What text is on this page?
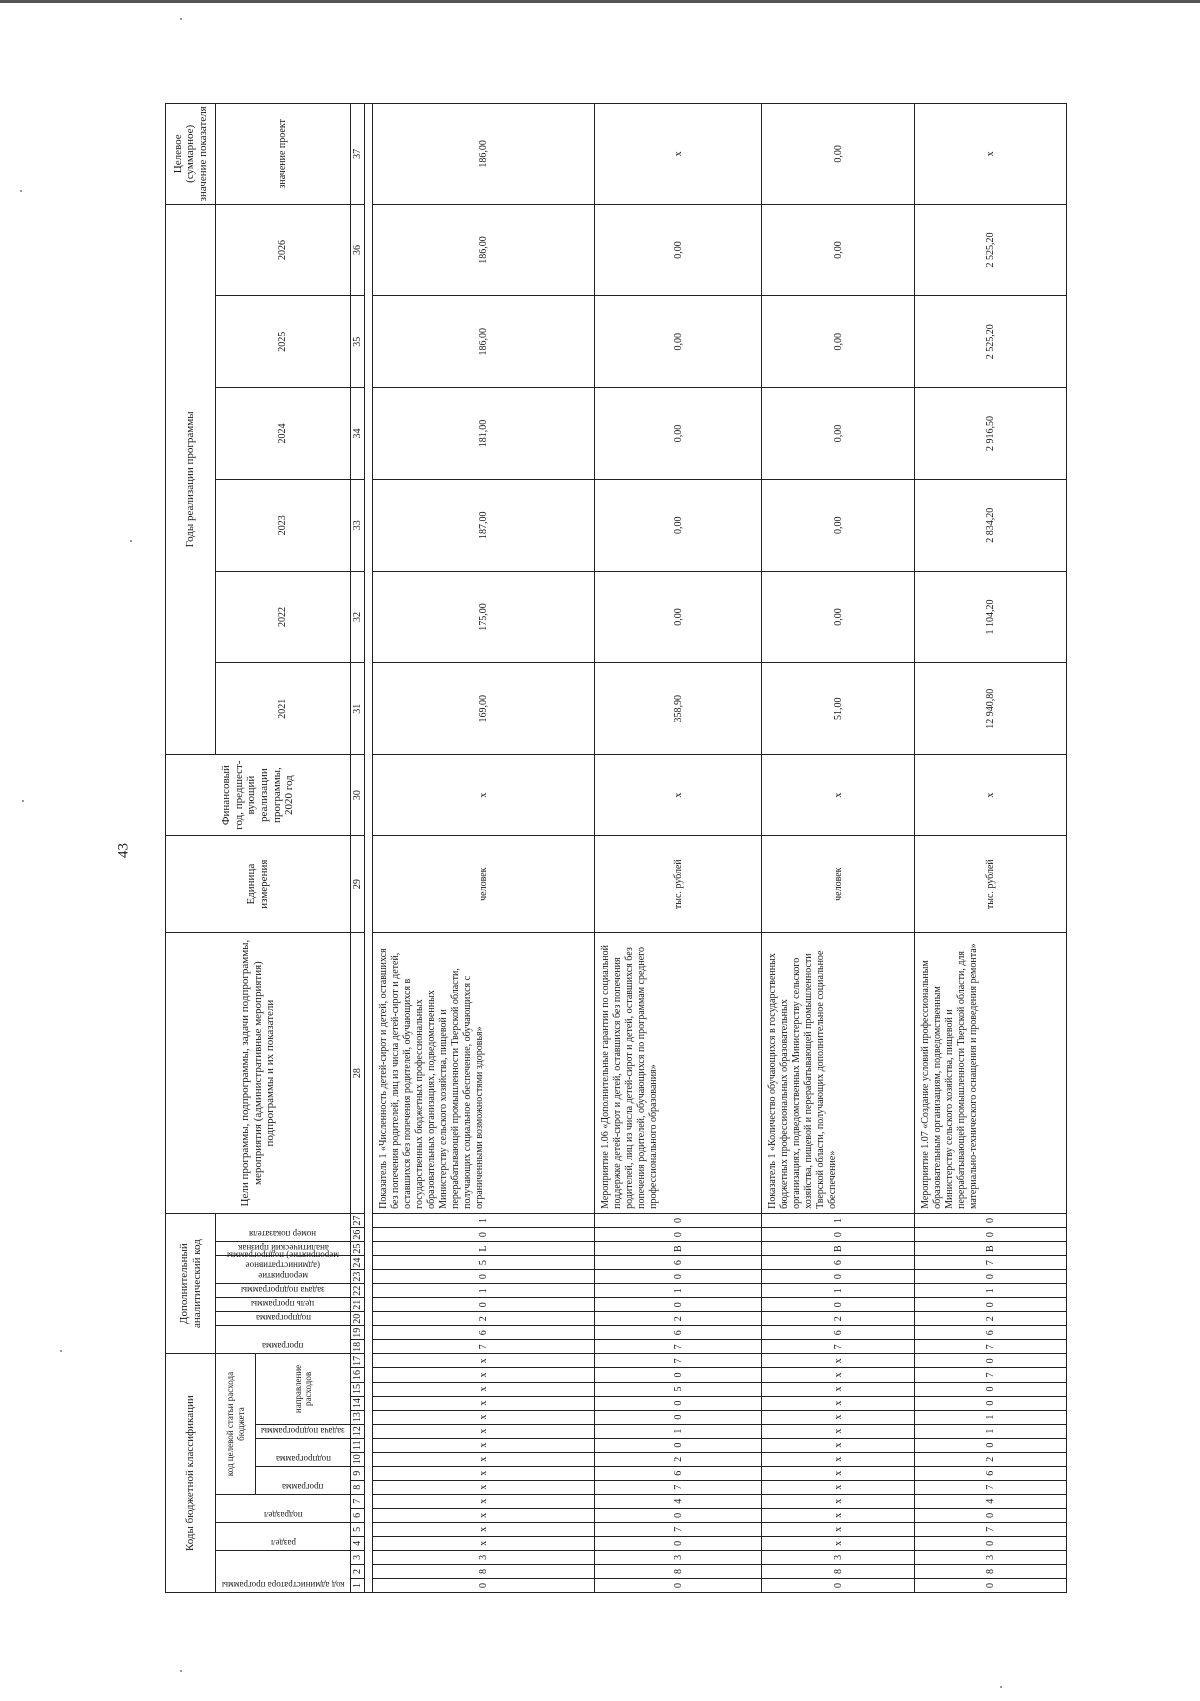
43
Коды бюджетной классификации																	Дополнительный аналитический код										Цели программы, подпрограммы, задачи подпрограммы, мероприятия (административные мероприятия) подпрограммы и их показатели	Единица измерения	Финансовый год, предшест-вующий реализации программы, 2020 год	Годы реализации программы						Целевое (суммарное) значение показателя

код администратора программы			раздел		подраздел		код целевой статьи расхода бюджета										программа		подпрограмма	цель программы	задача подпрограммы	мероприятие (административное мероприятие) подпрограммы		аналитический признак	номер показателя					2021	2022	2023	2024	2025	2026	значение проект

							программа		подпрограмма		задача подпрограммы	направление расходов																								
1	2	3	4	5	6	7	8	9	10	11	12	13	14	15	16	17	18	19	20	21	22	23	24	25	26	27	28	29	30	31	32	33	34	35	36	37

0	8	3	х	х	х	х	х	х	х	х	х	х	х	х	х	х	7	6	2	0	1	0	5	L	0	1	Показатель 1 «Численность детей-сирот и детей, оставшихся без попечения родителей, лиц из числа детей-сирот и детей, оставшихся без попечения родителей, обучающихся в государственных бюджетных профессиональных образовательных организациях, подведомственных Министерству сельского хозяйства, пищевой и перерабатывающей промышленности Тверской области, получающих социальное обеспечение, обучающихся с ограниченными возможностями здоровья»	человек	х	169,00	175,00	187,00	181,00	186,00	186,00	186,00
0	8	3	0	7	0	4	7	6	2	0	1	0	0	5	0	7	7	6	2	0	1	0	6	В	0	0	Мероприятие 1.06 «Дополнительные гарантии по социальной поддержке детей-сирот и детей, оставшихся без попечения родителей, лиц из числа детей-сирот и детей, оставшихся без попечения родителей, обучающихся по программам среднего профессионального образования»	тыс. рублей	х	358,90	0,00	0,00	0,00	0,00	0,00	х
0	8	3	х	х	х	х	х	х	х	х	х	х	х	х	х	х	7	6	2	0	1	0	6	В	0	1	Показатель 1 «Количество обучающихся в государственных бюджетных профессиональных образовательных организациях, подведомственных Министерству сельского хозяйства, пищевой и перерабатывающей промышленности Тверской области, получающих дополнительное социальное обеспечение»	человек	х	51,00	0,00	0,00	0,00	0,00	0,00	0,00
0	8	3	0	7	0	4	7	6	2	0	1	1	0	0	7	0	7	6	2	0	1	0	7	В	0	0	Мероприятие 1.07 «Создание условий профессиональным образовательным организациям, подведомственным Министерству сельского хозяйства, пищевой и перерабатывающей промышленности Тверской области, для материально-технического оснащения и проведения ремонта»	тыс. рублей	х	12 940,80	1 104,20	2 834,20	2 916,50	2 525,20	2 525,20	х
